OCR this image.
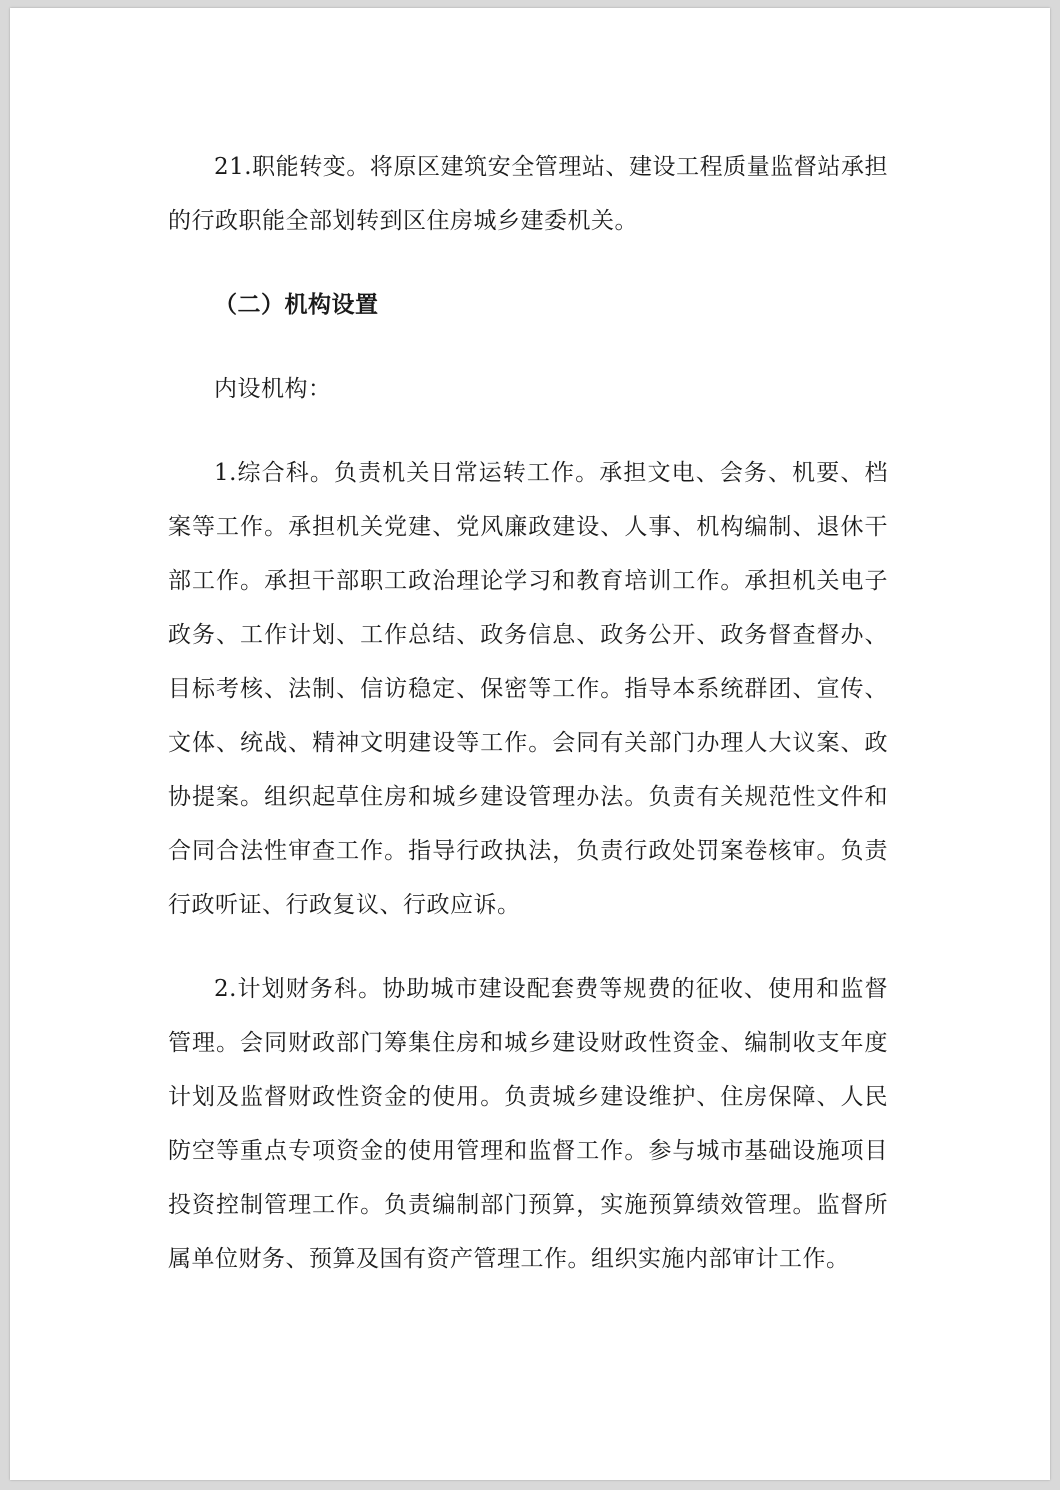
21.职能转变。将原区建筑安全管理站、建设工程质量监督站承担的行政职能全部划转到区住房城乡建委机关。

（二）机构设置

内设机构：

1.综合科。负责机关日常运转工作。承担文电、会务、机要、档案等工作。承担机关党建、党风廉政建设、人事、机构编制、退休干部工作。承担干部职工政治理论学习和教育培训工作。承担机关电子政务、工作计划、工作总结、政务信息、政务公开、政务督查督办、目标考核、法制、信访稳定、保密等工作。指导本系统群团、宣传、文体、统战、精神文明建设等工作。会同有关部门办理人大议案、政协提案。组织起草住房和城乡建设管理办法。负责有关规范性文件和合同合法性审查工作。指导行政执法，负责行政处罚案卷核审。负责行政听证、行政复议、行政应诉。

2.计划财务科。协助城市建设配套费等规费的征收、使用和监督管理。会同财政部门筹集住房和城乡建设财政性资金、编制收支年度计划及监督财政性资金的使用。负责城乡建设维护、住房保障、人民防空等重点专项资金的使用管理和监督工作。参与城市基础设施项目投资控制管理工作。负责编制部门预算，实施预算绩效管理。监督所属单位财务、预算及国有资产管理工作。组织实施内部审计工作。
